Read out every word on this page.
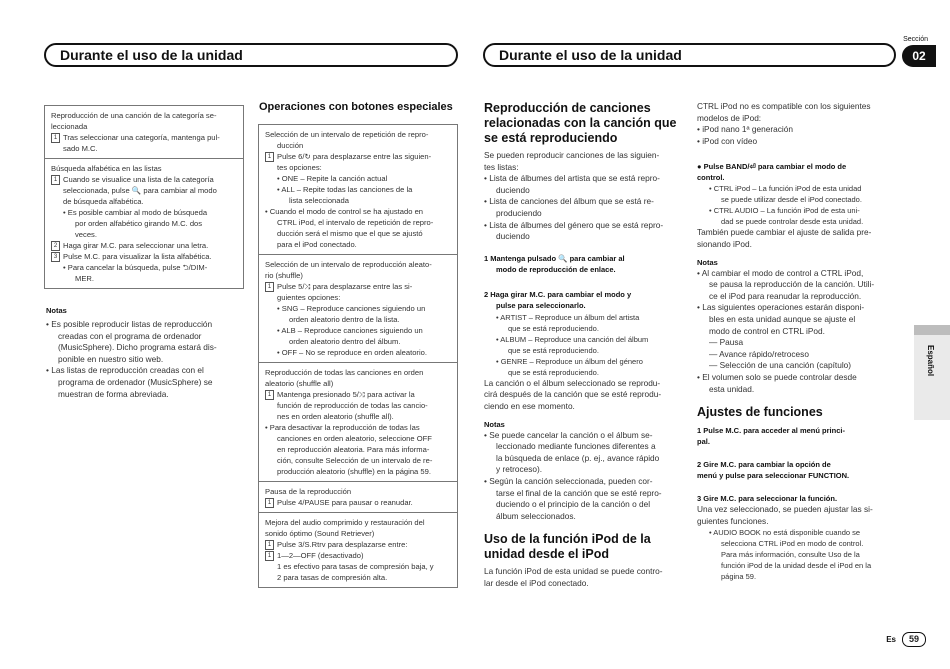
Durante el uso de la unidad	Durante el uso de la unidad
Sección
02
Español
Reproducción de una canción de la categoría se-
leccionada
1 Tras seleccionar una categoría, mantenga pul-
sado M.C.
Búsqueda alfabética en las listas
1 Cuando se visualice una lista de la categoría
seleccionada, pulse 🔍 para cambiar al modo
de búsqueda alfabética.
• Es posible cambiar al modo de búsqueda
por orden alfabético girando M.C. dos
veces.
2 Haga girar M.C. para seleccionar una letra.
3 Pulse M.C. para visualizar la lista alfabética.
• Para cancelar la búsqueda, pulse ⮌/DIM-
MER.
Notas
• Es posible reproducir listas de reproducción
creadas con el programa de ordenador
(MusicSphere). Dicho programa estará dis-
ponible en nuestro sitio web.
• Las listas de reproducción creadas con el
programa de ordenador (MusicSphere) se
muestran de forma abreviada.
Operaciones con botones especiales
Selección de un intervalo de repetición de repro-
ducción
1 Pulse 6/↻ para desplazarse entre las siguien-
tes opciones:
• ONE – Repite la canción actual
• ALL – Repite todas las canciones de la
lista seleccionada
• Cuando el modo de control se ha ajustado en
CTRL iPod, el intervalo de repetición de repro-
ducción será el mismo que el que se ajustó
para el iPod conectado.
Selección de un intervalo de reproducción aleato-
rio (shuffle)
1 Pulse 5/⤨ para desplazarse entre las si-
guientes opciones:
• SNG – Reproduce canciones siguiendo un
orden aleatorio dentro de la lista.
• ALB – Reproduce canciones siguiendo un
orden aleatorio dentro del álbum.
• OFF – No se reproduce en orden aleatorio.
Reproducción de todas las canciones en orden
aleatorio (shuffle all)
1 Mantenga presionado 5/⤨ para activar la
función de reproducción de todas las cancio-
nes en orden aleatorio (shuffle all).
• Para desactivar la reproducción de todas las
canciones en orden aleatorio, seleccione OFF
en reproducción aleatoria. Para más informa-
ción, consulte Selección de un intervalo de re-
producción aleatorio (shuffle) en la página 59.
Pausa de la reproducción
1 Pulse 4/PAUSE para pausar o reanudar.
Mejora del audio comprimido y restauración del
sonido óptimo (Sound Retriever)
1 Pulse 3/S.Rtrv para desplazarse entre:
1 1—2—OFF (desactivado)
1 es efectivo para tasas de compresión baja, y
2 para tasas de compresión alta.
Reproducción de canciones
relacionadas con la canción que
se está reproduciendo
Se pueden reproducir canciones de las siguien-
tes listas:
• Lista de álbumes del artista que se está repro-
duciendo
• Lista de canciones del álbum que se está re-
produciendo
• Lista de álbumes del género que se está repro-
duciendo
1 Mantenga pulsado 🔍 para cambiar al
modo de reproducción de enlace.
2 Haga girar M.C. para cambiar el modo y
pulse para seleccionarlo.
• ARTIST – Reproduce un álbum del artista
que se está reproduciendo.
• ALBUM – Reproduce una canción del álbum
que se está reproduciendo.
• GENRE – Reproduce un álbum del género
que se está reproduciendo.
La canción o el álbum seleccionado se reprodu-
cirá después de la canción que se esté reprodu-
ciendo en ese momento.
Notas
• Se puede cancelar la canción o el álbum se-
leccionado mediante funciones diferentes a
la búsqueda de enlace (p. ej., avance rápido
y retroceso).
• Según la canción seleccionada, pueden cor-
tarse el final de la canción que se esté repro-
duciendo o el principio de la canción o del
álbum seleccionados.
Uso de la función iPod de la
unidad desde el iPod
La función iPod de esta unidad se puede contro-
lar desde el iPod conectado.
CTRL iPod no es compatible con los siguientes
modelos de iPod:
• iPod nano 1ª generación
• iPod con vídeo
● Pulse BAND/⏎ para cambiar el modo de
control.
• CTRL iPod – La función iPod de esta unidad
se puede utilizar desde el iPod conectado.
• CTRL AUDIO – La función iPod de esta uni-
dad se puede controlar desde esta unidad.
También puede cambiar el ajuste de salida pre-
sionando iPod.
Notas
• Al cambiar el modo de control a CTRL iPod,
se pausa la reproducción de la canción. Utili-
ce el iPod para reanudar la reproducción.
• Las siguientes operaciones estarán disponi-
bles en esta unidad aunque se ajuste el
modo de control en CTRL iPod.
— Pausa
— Avance rápido/retroceso
— Selección de una canción (capítulo)
• El volumen solo se puede controlar desde
esta unidad.
Ajustes de funciones
1 Pulse M.C. para acceder al menú princi-
pal.
2 Gire M.C. para cambiar la opción de
menú y pulse para seleccionar FUNCTION.
3 Gire M.C. para seleccionar la función.
Una vez seleccionado, se pueden ajustar las si-
guientes funciones.
• AUDIO BOOK no está disponible cuando se
selecciona CTRL iPod en modo de control.
Para más información, consulte Uso de la
función iPod de la unidad desde el iPod en la
página 59.
Es	59
